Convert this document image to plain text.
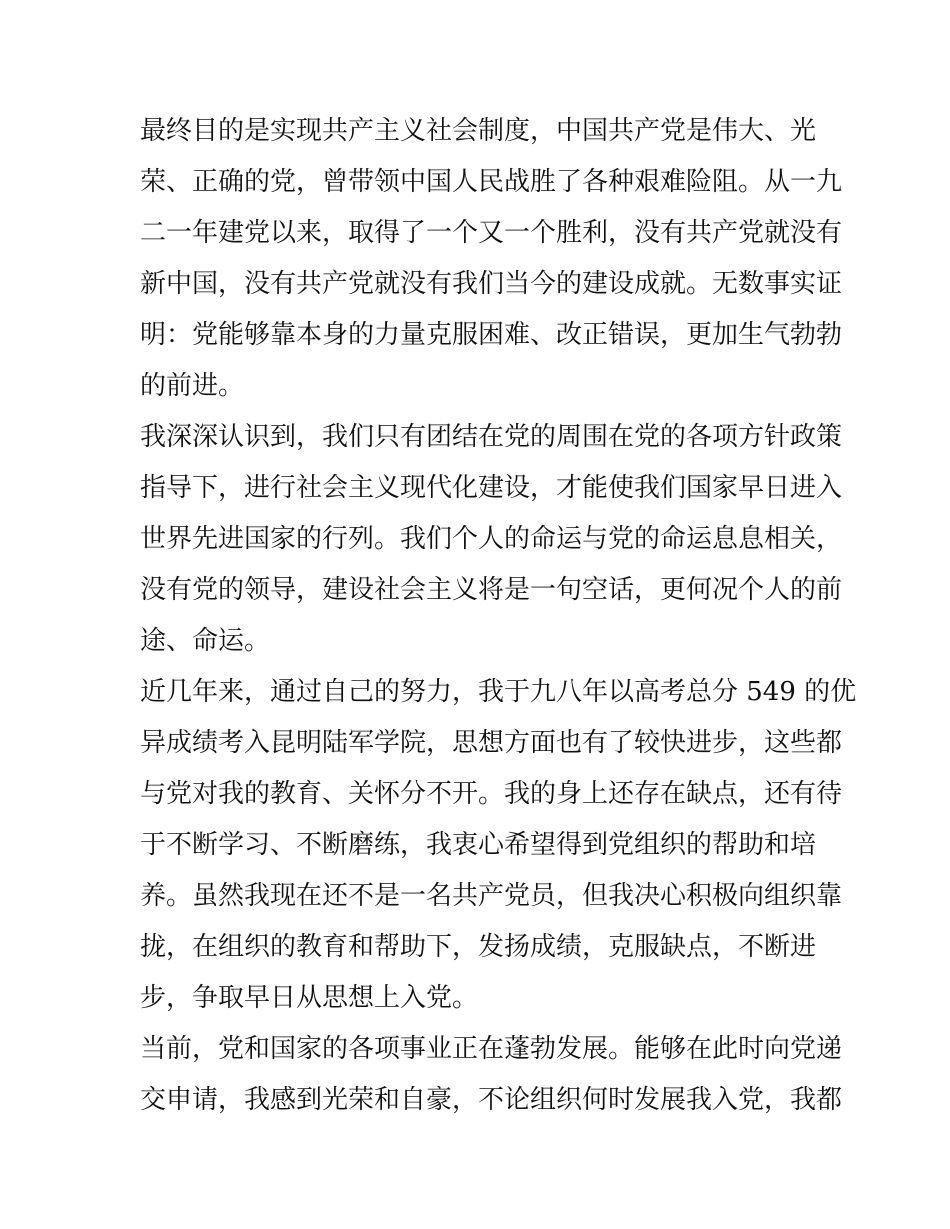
最终目的是实现共产主义社会制度，中国共产党是伟大、光
荣、正确的党，曾带领中国人民战胜了各种艰难险阻。从一九
二一年建党以来，取得了一个又一个胜利，没有共产党就没有
新中国，没有共产党就没有我们当今的建设成就。无数事实证
明：党能够靠本身的力量克服困难、改正错误，更加生气勃勃
的前进。
我深深认识到，我们只有团结在党的周围在党的各项方针政策
指导下，进行社会主义现代化建设，才能使我们国家早日进入
世界先进国家的行列。我们个人的命运与党的命运息息相关，
没有党的领导，建设社会主义将是一句空话，更何况个人的前
途、命运。
近几年来，通过自己的努力，我于九八年以高考总分 549 的优
异成绩考入昆明陆军学院，思想方面也有了较快进步，这些都
与党对我的教育、关怀分不开。我的身上还存在缺点，还有待
于不断学习、不断磨练，我衷心希望得到党组织的帮助和培
养。虽然我现在还不是一名共产党员，但我决心积极向组织靠
拢，在组织的教育和帮助下，发扬成绩，克服缺点，不断进
步，争取早日从思想上入党。
当前，党和国家的各项事业正在蓬勃发展。能够在此时向党递
交申请，我感到光荣和自豪，不论组织何时发展我入党，我都
